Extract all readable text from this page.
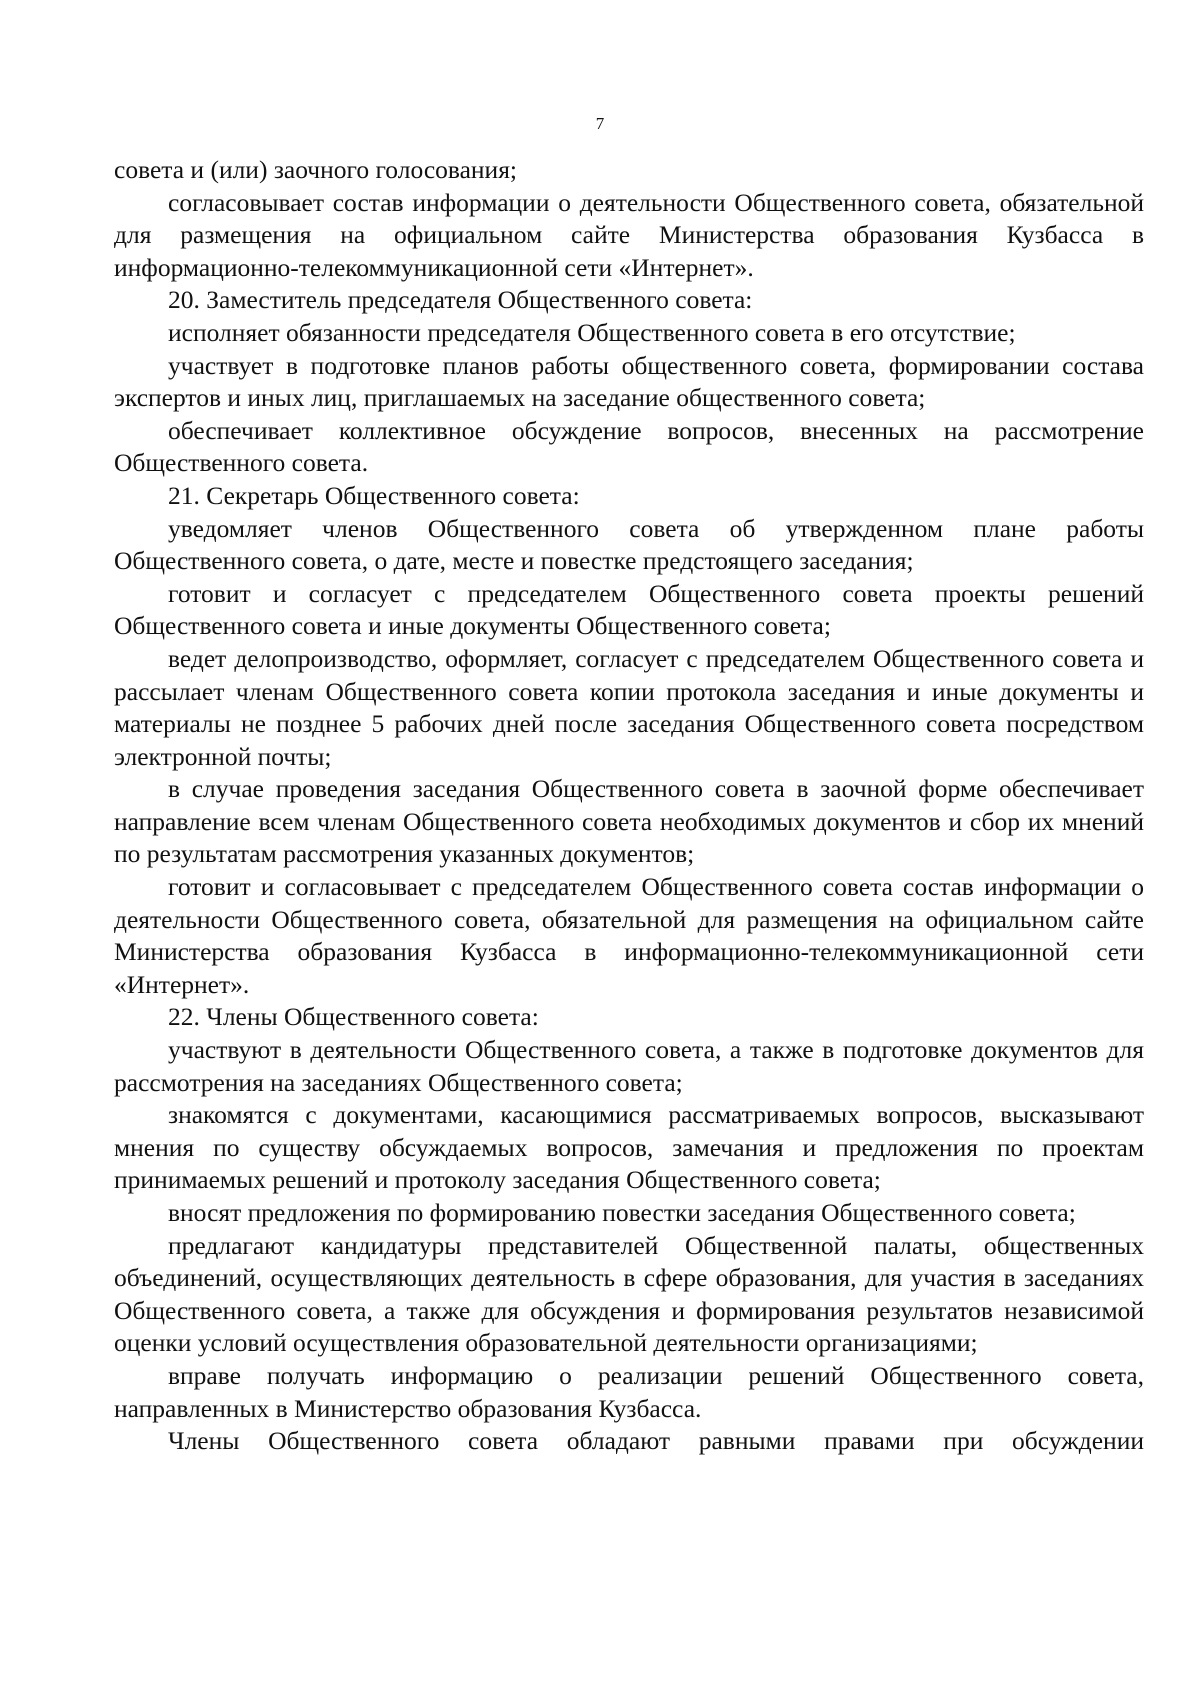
7

совета и (или) заочного голосования;

согласовывает состав информации о деятельности Общественного совета, обязательной для размещения на официальном сайте Министерства образования Кузбасса в информационно-телекоммуникационной сети «Интернет».

20. Заместитель председателя Общественного совета:

исполняет обязанности председателя Общественного совета в его отсутствие;

участвует в подготовке планов работы общественного совета, формировании состава экспертов и иных лиц, приглашаемых на заседание общественного совета;

обеспечивает коллективное обсуждение вопросов, внесенных на рассмотрение Общественного совета.

21. Секретарь Общественного совета:

уведомляет членов Общественного совета об утвержденном плане работы Общественного совета, о дате, месте и повестке предстоящего заседания;

готовит и согласует с председателем Общественного совета проекты решений Общественного совета и иные документы Общественного совета;

ведет делопроизводство, оформляет, согласует с председателем Общественного совета и рассылает членам Общественного совета копии протокола заседания и иные документы и материалы не позднее 5 рабочих дней после заседания Общественного совета посредством электронной почты;

в случае проведения заседания Общественного совета в заочной форме обеспечивает направление всем членам Общественного совета необходимых документов и сбор их мнений по результатам рассмотрения указанных документов;

готовит и согласовывает с председателем Общественного совета состав информации о деятельности Общественного совета, обязательной для размещения на официальном сайте Министерства образования Кузбасса в информационно-телекоммуникационной сети «Интернет».

22. Члены Общественного совета:

участвуют в деятельности Общественного совета, а также в подготовке документов для рассмотрения на заседаниях Общественного совета;

знакомятся с документами, касающимися рассматриваемых вопросов, высказывают мнения по существу обсуждаемых вопросов, замечания и предложения по проектам принимаемых решений и протоколу заседания Общественного совета;

вносят предложения по формированию повестки заседания Общественного совета;

предлагают кандидатуры представителей Общественной палаты, общественных объединений, осуществляющих деятельность в сфере образования, для участия в заседаниях Общественного совета, а также для обсуждения и формирования результатов независимой оценки условий осуществления образовательной деятельности организациями;

вправе получать информацию о реализации решений Общественного совета, направленных в Министерство образования Кузбасса.

Члены Общественного совета обладают равными правами при обсуждении
